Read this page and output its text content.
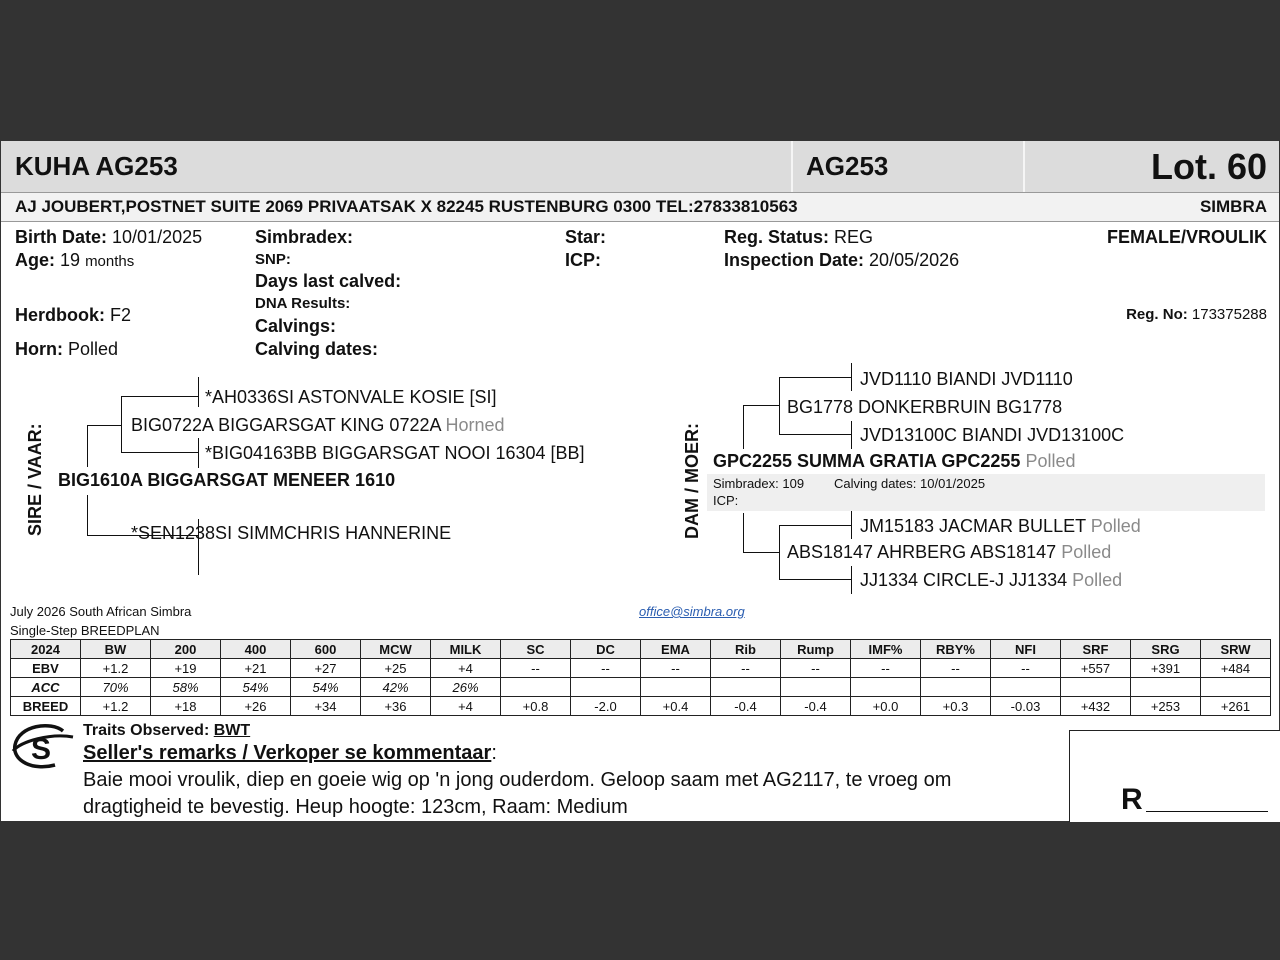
KUHA AG253	AG253	Lot. 60
AJ JOUBERT,POSTNET SUITE 2069 PRIVAATSAK X 82245 RUSTENBURG 0300 TEL:27833810563	SIMBRA
Birth Date: 10/01/2025
Age: 19 months
Herdbook: F2
Horn: Polled
Simbradex:
SNP:
Days last calved:
DNA Results:
Calvings:
Calving dates:
Star:
ICP:
Reg. Status: REG
Inspection Date: 20/05/2026
FEMALE/VROULIK
Reg. No: 173375288
SIRE / VAAR:
*AH0336SI ASTONVALE KOSIE [SI]
BIG0722A BIGGARSGAT KING 0722A Horned
*BIG04163BB BIGGARSGAT NOOI 16304 [BB]
BIG1610A BIGGARSGAT MENEER 1610
*SEN1238SI SIMMCHRIS HANNERINE	DAM / MOER:
JVD1110 BIANDI JVD1110
BG1778 DONKERBRUIN BG1778
JVD13100C BIANDI JVD13100C
GPC2255 SUMMA GRATIA GPC2255 Polled
Simbradex: 109 Calving dates: 10/01/2025
ICP:
JM15183 JACMAR BULLET Polled
ABS18147 AHRBERG ABS18147 Polled
JJ1334 CIRCLE-J JJ1334 Polled
July 2026 South African Simbra
Single-Step BREEDPLAN
office@simbra.org
2024	BW	200	400	600	MCW	MILK	SC	DC	EMA	Rib	Rump	IMF%	RBY%	NFI	SRF	SRG	SRW
EBV	+1.2	+19	+21	+27	+25	+4	--	--	--	--	--	--	--	--	+557	+391	+484
ACC	70%	58%	54%	54%	42%	26%											
BREED	+1.2	+18	+26	+34	+36	+4	+0.8	-2.0	+0.4	-0.4	-0.4	+0.0	+0.3	-0.03	+432	+253	+261
S
Traits Observed: BWT
Seller's remarks / Verkoper se kommentaar:
Baie mooi vroulik, diep en goeie wig op 'n jong ouderdom. Geloop saam met AG2117, te vroeg om
dragtigheid te bevestig. Heup hoogte: 123cm, Raam: Medium	R
